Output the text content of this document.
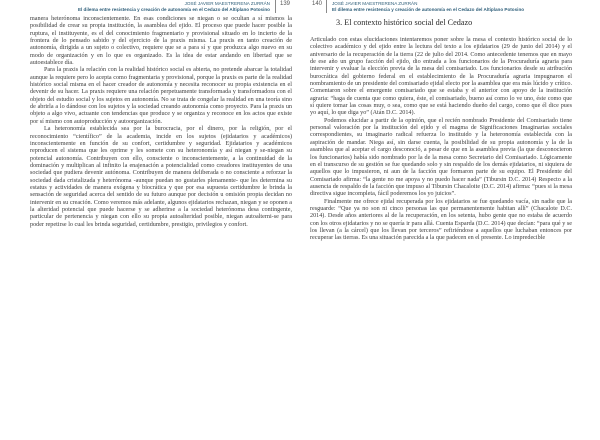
JOSÉ JAVIER MAESTRERENA ZURRÁN
El dilema entre resistencia y creación de autonomía en el Cedazo del Altiplano Potosino
139

manera heterónoma inconscientemente. En esas condiciones se niegan o se ocultan a sí mismos la posibilidad de crear su propia institución, la asamblea del ejido. El proceso que puede hacer posible la ruptura, el instituyente, es el del conocimiento fragmentario y provisional situado en lo incierto de la frontera de lo pensado sabido y del ejercicio de la praxis misma. La praxis en tanto creación de autonomía, dirigida a un sujeto o colectivo, requiere que se a para sí y que produzca algo nuevo en su modo de organización y en lo que es organizado. Es la idea de estar andando en libertad que se autoestablece día.

Para la praxis la relación con la realidad histórico social es abierta, no pretende abarcar la totalidad aunque la requiere pero lo acepta como fragmentaria y provisional, porque la praxis es parte de la realidad histórico social misma en el hacer creador de autonomía y necesita reconocer su propia existencia en el devenir de su hacer. La praxis requiere una relación perpetuamente transformada y transformadora con el objeto del estudio social y los sujetos en autonomía. No se trata de congelar la realidad en una teoría sino de abrirla a lo dándose con los sujetos y la sociedad creando autonomía como proyecto. Para la praxis un objeto a algo vivo, actuante con tendencias que produce y se organiza y reconoce en los actos que existe por sí mismo con autoproducción y autoorganización.

La heteronomía establecida sea por la burocracia, por el dinero, por la religión, por el reconocimiento “científico” de la academia, incide en los sujetos (ejidatarios y académicos) inconscientemente en función de su confort, certidumbre y seguridad. Ejidatarios y académicos reproducen el sistema que les oprime y les somete con su heteronomía y así niegan y se-niegan su potencial autonomía. Contribuyen con ello, consciente o inconscientemente, a la continuidad de la dominación y multiplican al infinito la enajenación a potencialidad como creadores instituyentes de una sociedad que pudiera devenir autónoma. Contribuyen de manera deliberada o no consciente a reforzar la sociedad dada cristalizada y heterónoma -aunque puedan no gustarles plenamente- que les determina su estatus y actividades de manera exógena y biocrática y que por esa supuesta certidumbre le brinda la sensación de seguridad acerca del sentido de su futuro aunque por decisión u omisión propia decidan no intervenir en su creación. Como veremos más adelante, algunos ejidatarios rechazan, niegan y se oponen a la alteridad potencial que puede hacerse y se adherirse a la sociedad heterónoma desa contingente, particular de pertenencia y niegan con ello su propia autoalteridad posible, niegan autoalterni-se para poder repetirse lo cual les brinda seguridad, certidumbre, prestigio, privilegios y confort.

140 JOSÉ JAVIER MAESTRERENA ZURRÁN
El dilema entre resistencia y creación de autonomía en el Cedazo del Altiplano Potosino
3. El contexto histórico social del Cedazo

Articulado con estas elucidaciones intentaremos poner sobre la mesa el contexto histórico social de lo colectivo académico y del ejido entre la lectura del texto a los ejidatarios (29 de junio del 2014) y el aniversario de la recuperación de la tierra (22 de julio del 2014. Como antecedente tenemos que en mayo de ese año un grupo facción del ejido, dio entrada a los funcionarios de la Procuraduría agraria para intervenir y evaluar la elección previa de la mesa del comisariado. Los funcionarios desde su atribución burocrática del gobierno federal en el establecimiento de la Procuraduría agraria impugnaron el nombramiento de un presidente del comisariado ejidal electo por la asamblea que era más lúcido y crítico. Comentaron sobre el emergente comisariado que se estaba y el anterior con apoyo de la institución agraria: “haga de cuenta que como quiera, éste, el comisariado, bueno así como lo ve uno, éste como que sí quiere tomar las cosas muy, o sea, como que se está haciendo dueño del cargo, como que él dice pues yo aquí, lo que diga yo” (Atán D.C. 2014).

Podemos elucidar a partir de la opinión, que el recién nombrado Presidente del Comisariado tiene personal valoración por la institución del ejido y el magma de Significaciones Imaginarias sociales correspondientes, su imaginario radical refuerza lo instituido y la heteronomía establecida con la aspiración de mandar. Niega así, sin darse cuenta, la posibilidad de su propia autonomía y la de la asamblea que al aceptar el cargo desconoció, a pesar de que en la asamblea previa (la que desconocieron los funcionarios) había sido nombrado por la de la mesa como Secretario del Comisariado. Lógicamente en el transcurso de su gestión se fue quedando solo y sin respaldo de los demás ejidatarios, ni siquiera de aquellos que lo impusieron, ni aun de la facción que formaron parte de su equipo. El Presidente del Comisariado afirma: “la gente no me apoya y no puedo hacer nada” (Tibursin D.C. 2014) Respecto a la ausencia de respaldo de la facción que impuso al Tibursin Chacaloite (D.C. 2014) afirma: “pues si la mesa directiva sigue incompleta, fácil poderemos los yo juicios”.

Finalmente me ofrece ejidal recuperada por los ejidatarios se fue quedando vacía, sin nadie que la resguarde: “Que ya no son ni cinco personas las que permanentemente habitan allí” (Chacalote D.C. 2014). Desde años anteriores al de la recuperación, en los setenta, hubo gente que no estaba de acuerdo con los otros ejidatarios y no se quería ir para allá. Cuenta Esparda (D.C. 2014) que decían: “para qué y se los llevan (a la cárcel) que los llevan por terceros” refiriéndose a aquellos que luchaban entonces por recuperar las tierras. Es una situación parecida a la que padecen en el presente. Lo impredecible
